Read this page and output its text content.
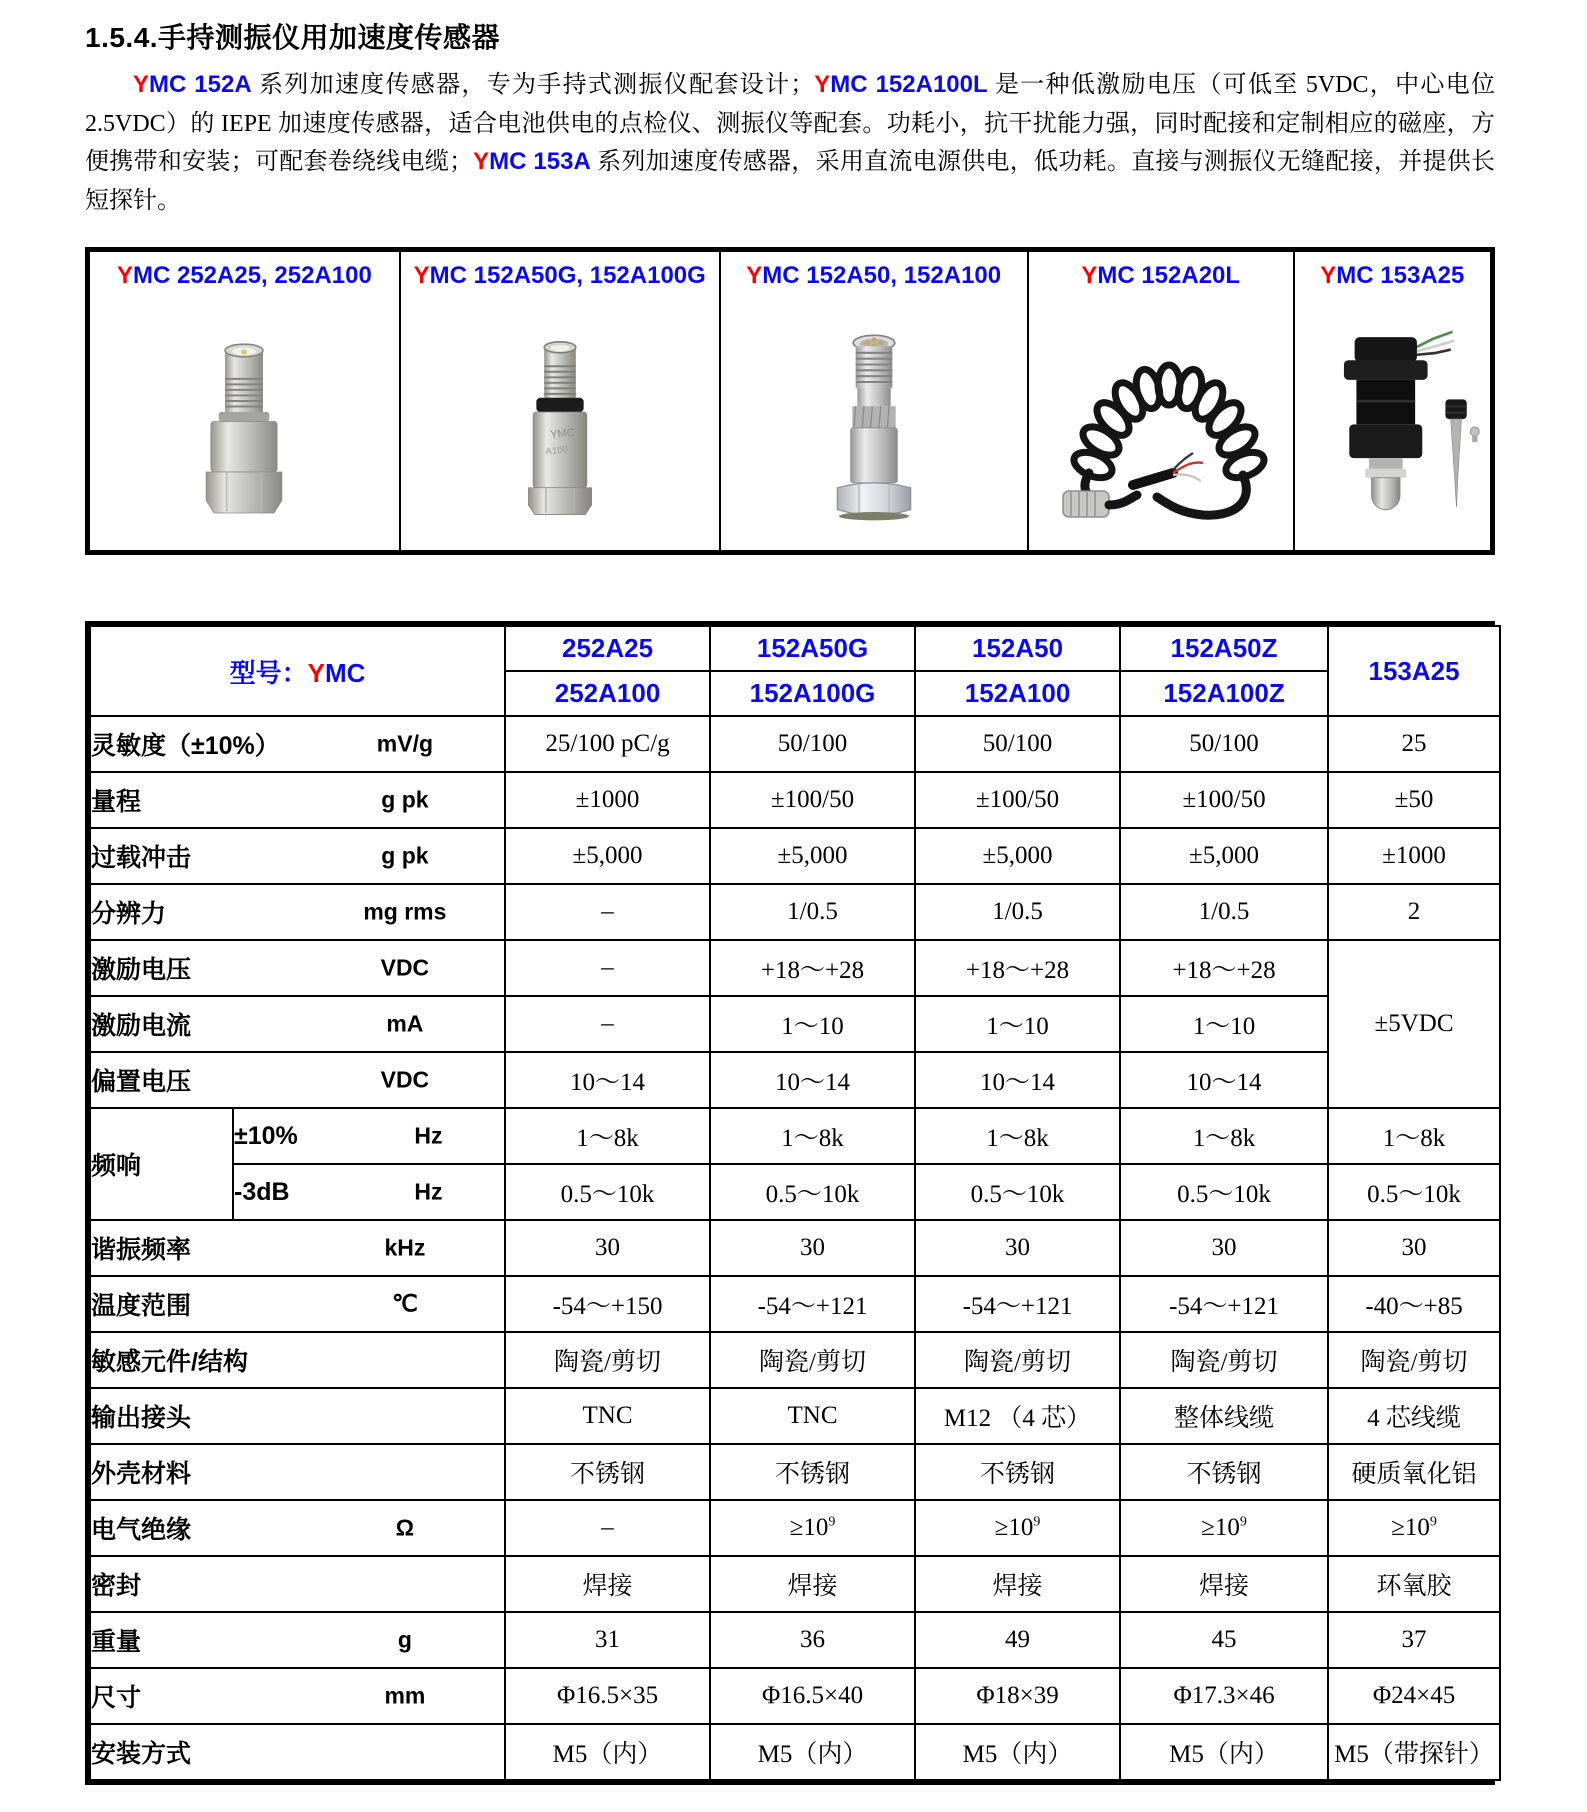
1.5.4.手持测振仪用加速度传感器

YMC 152A 系列加速度传感器，专为手持式测振仪配套设计；YMC 152A100L 是一种低激励电压（可低至 5VDC，中心电位 2.5VDC）的 IEPE 加速度传感器，适合电池供电的点检仪、测振仪等配套。功耗小，抗干扰能力强，同时配接和定制相应的磁座，方便携带和安装；可配套卷绕线电缆；YMC 153A 系列加速度传感器，采用直流电源供电，低功耗。直接与测振仪无缝配接，并提供长短探针。

YMC 252A25, 252A100	YMC 152A50G, 152A100G
YMC
A100
YMC 152A50, 152A100	YMC 152A20L	YMC 153A25
型号：YMC		252A25	152A50G	152A50	152A50Z	153A25
		252A100	152A100G	152A100	152A100Z	
灵敏度（±10%） mV/g		25/100 pC/g	50/100	50/100	50/100	25
量程 g pk		±1000	±100/50	±100/50	±100/50	±50
过载冲击 g pk		±5,000	±5,000	±5,000	±5,000	±1000
分辨力 mg rms		–	1/0.5	1/0.5	1/0.5	2
激励电压 VDC		–	+18～+28	+18～+28	+18～+28	±5VDC
激励电流 mA		–	1～10	1～10	1～10	
偏置电压 VDC		10～14	10～14	10～14	10～14	
频响	±10% Hz	1～8k	1～8k	1～8k	1～8k	1～8k
	-3dB Hz	0.5～10k	0.5～10k	0.5～10k	0.5～10k	0.5～10k
谐振频率 kHz		30	30	30	30	30
温度范围 ℃		-54～+150	-54～+121	-54～+121	-54～+121	-40～+85
敏感元件/结构		陶瓷/剪切	陶瓷/剪切	陶瓷/剪切	陶瓷/剪切	陶瓷/剪切
输出接头		TNC	TNC	M12 （4 芯）	整体线缆	4 芯线缆
外壳材料		不锈钢	不锈钢	不锈钢	不锈钢	硬质氧化铝
电气绝缘 Ω		–	$\ge 10^9$	$\ge 10^9$	$\ge 10^9$	$\ge 10^9$
密封		焊接	焊接	焊接	焊接	环氧胶
重量 g		31	36	49	45	37
尺寸 mm		Φ16.5×35	Φ16.5×40	Φ18×39	Φ17.3×46	Φ24×45
安装方式		M5（内）	M5（内）	M5（内）	M5（内）	M5（带探针）
